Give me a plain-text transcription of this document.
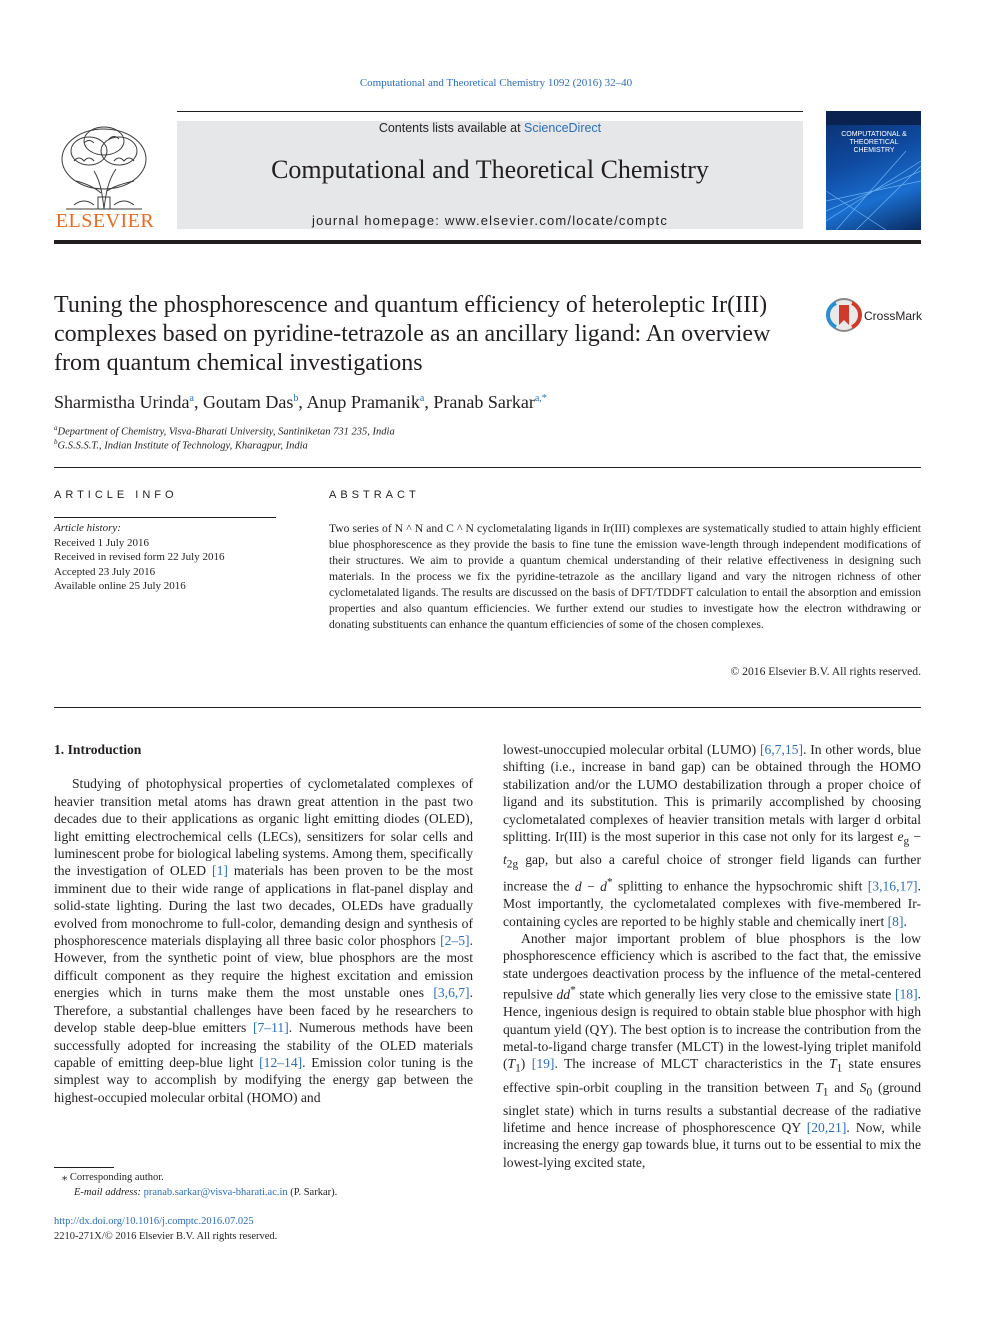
Computational and Theoretical Chemistry 1092 (2016) 32–40
ELSEVIER
Contents lists available at ScienceDirect
Computational and Theoretical Chemistry
journal homepage: www.elsevier.com/locate/comptc
COMPUTATIONAL & THEORETICAL CHEMISTRY
Tuning the phosphorescence and quantum efficiency of heteroleptic Ir(III) complexes based on pyridine-tetrazole as an ancillary ligand: An overview from quantum chemical investigations
CrossMark
Sharmistha Urinda$^a$, Goutam Das$^b$, Anup Pramanik$^a$, Pranab Sarkar$^{a,*}$
$^a$Department of Chemistry, Visva-Bharati University, Santiniketan 731 235, India
$^b$G.S.S.S.T., Indian Institute of Technology, Kharagpur, India
ARTICLE INFO
Article history:
Received 1 July 2016
Received in revised form 22 July 2016
Accepted 23 July 2016
Available online 25 July 2016
ABSTRACT
Two series of N ^ N and C ^ N cyclometalating ligands in Ir(III) complexes are systematically studied to attain highly efficient blue phosphorescence as they provide the basis to fine tune the emission wave-length through independent modifications of their structures. We aim to provide a quantum chemical understanding of their relative effectiveness in designing such materials. In the process we fix the pyridine-tetrazole as the ancillary ligand and vary the nitrogen richness of other cyclometalated ligands. The results are discussed on the basis of DFT/TDDFT calculation to entail the absorption and emission properties and also quantum efficiencies. We further extend our studies to investigate how the electron withdrawing or donating substituents can enhance the quantum efficiencies of some of the chosen complexes.
© 2016 Elsevier B.V. All rights reserved.

1. Introduction

Studying of photophysical properties of cyclometalated complexes of heavier transition metal atoms has drawn great attention in the past two decades due to their applications as organic light emitting diodes (OLED), light emitting electrochemical cells (LECs), sensitizers for solar cells and luminescent probe for biological labeling systems. Among them, specifically the investigation of OLED [1] materials has been proven to be the most imminent due to their wide range of applications in flat-panel display and solid-state lighting. During the last two decades, OLEDs have gradually evolved from monochrome to full-color, demanding design and synthesis of phosphorescence materials displaying all three basic color phosphors [2–5]. However, from the synthetic point of view, blue phosphors are the most difficult component as they require the highest excitation and emission energies which in turns make them the most unstable ones [3,6,7]. Therefore, a substantial challenges have been faced by he researchers to develop stable deep-blue emitters [7–11]. Numerous methods have been successfully adopted for increasing the stability of the OLED materials capable of emitting deep-blue light [12–14]. Emission color tuning is the simplest way to accomplish by modifying the energy gap between the highest-occupied molecular orbital (HOMO) and

lowest-unoccupied molecular orbital (LUMO) [6,7,15]. In other words, blue shifting (i.e., increase in band gap) can be obtained through the HOMO stabilization and/or the LUMO destabilization through a proper choice of ligand and its substitution. This is primarily accomplished by choosing cyclometalated complexes of heavier transition metals with larger d orbital splitting. Ir(III) is the most superior in this case not only for its largest $e_g - t_{2g}$ gap, but also a careful choice of stronger field ligands can further increase the d − d* splitting to enhance the hypsochromic shift [3,16,17]. Most importantly, the cyclometalated complexes with five-membered Ir-containing cycles are reported to be highly stable and chemically inert [8].

Another major important problem of blue phosphors is the low phosphorescence efficiency which is ascribed to the fact that, the emissive state undergoes deactivation process by the influence of the metal-centered repulsive dd* state which generally lies very close to the emissive state [18]. Hence, ingenious design is required to obtain stable blue phosphor with high quantum yield (QY). The best option is to increase the contribution from the metal-to-ligand charge transfer (MLCT) in the lowest-lying triplet manifold $(T_1)$ [19]. The increase of MLCT characteristics in the $T_1$ state ensures effective spin-orbit coupling in the transition between $T_1$ and $S_0$ (ground singlet state) which in turns results a substantial decrease of the radiative lifetime and hence increase of phosphorescence QY [20,21]. Now, while increasing the energy gap towards blue, it turns out to be essential to mix the lowest-lying excited state,

⁎ Corresponding author.
E-mail address: pranab.sarkar@visva-bharati.ac.in (P. Sarkar).
http://dx.doi.org/10.1016/j.comptc.2016.07.025
2210-271X/© 2016 Elsevier B.V. All rights reserved.
